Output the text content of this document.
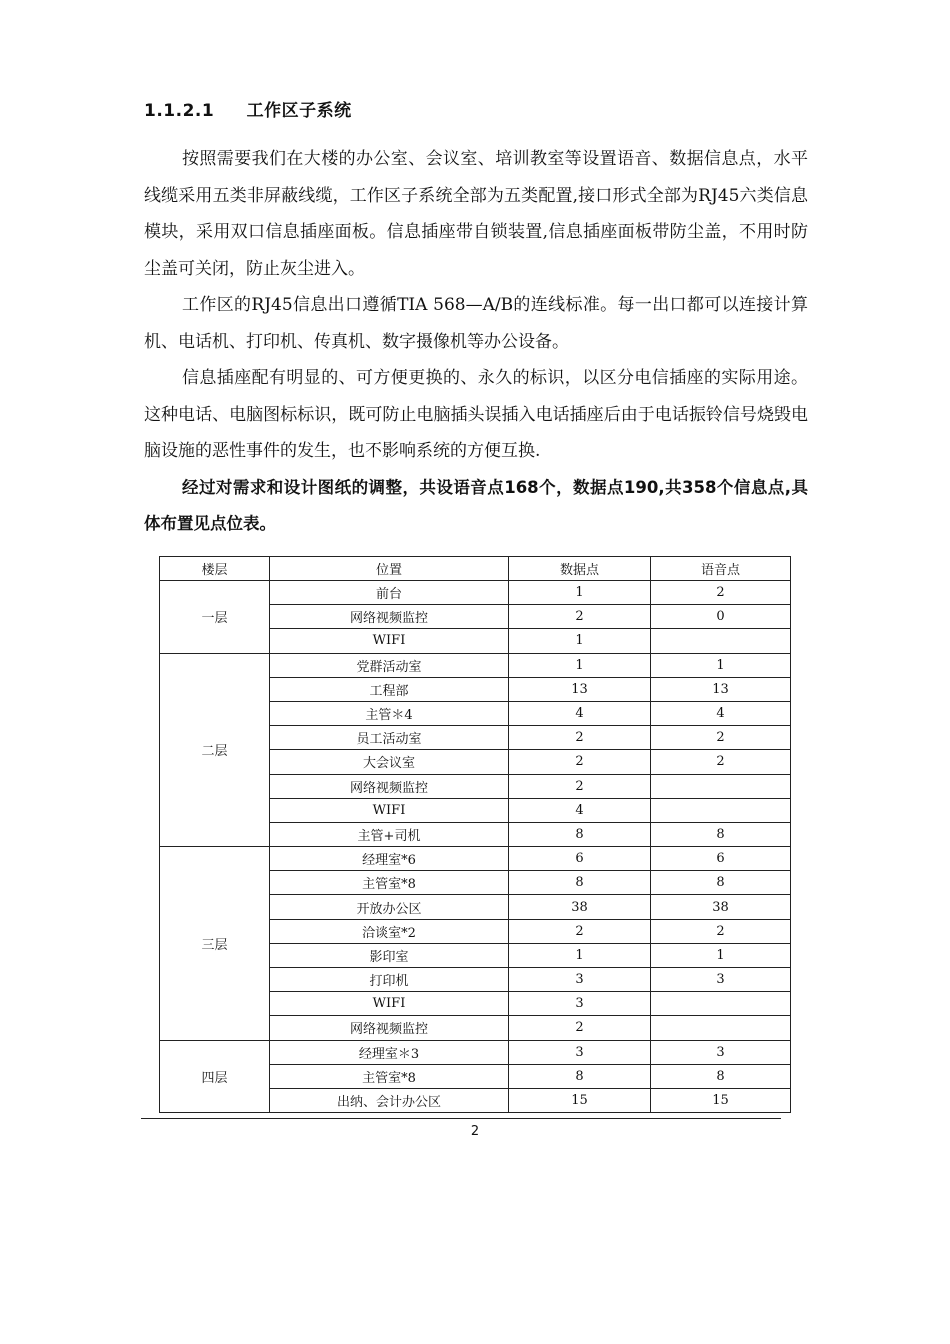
1.1.2.1 工作区子系统

按照需要我们在大楼的办公室、会议室、培训教室等设置语音、数据信息点，水平线缆采用五类非屏蔽线缆，工作区子系统全部为五类配置,接口形式全部为RJ45六类信息模块，采用双口信息插座面板。信息插座带自锁装置,信息插座面板带防尘盖，不用时防尘盖可关闭，防止灰尘进入。

工作区的RJ45信息出口遵循TIA 568—A/B的连线标准。每一出口都可以连接计算机、电话机、打印机、传真机、数字摄像机等办公设备。

信息插座配有明显的、可方便更换的、永久的标识，以区分电信插座的实际用途。这种电话、电脑图标标识，既可防止电脑插头误插入电话插座后由于电话振铃信号烧毁电脑设施的恶性事件的发生，也不影响系统的方便互换.

经过对需求和设计图纸的调整，共设语音点168个，数据点190,共358个信息点,具体布置见点位表。

楼层	位置	数据点	语音点
一层	前台	1	2
	网络视频监控	2	0
	WIFI	1	
二层	党群活动室	1	1
	工程部	13	13
	主管＊4	4	4
	员工活动室	2	2
	大会议室	2	2
	网络视频监控	2	
	WIFI	4	
	主管+司机	8	8
三层	经理室*6	6	6
	主管室*8	8	8
	开放办公区	38	38
	洽谈室*2	2	2
	影印室	1	1
	打印机	3	3
	WIFI	3	
	网络视频监控	2	
四层	经理室＊3	3	3
	主管室*8	8	8
	出纳、会计办公区	15	15
2
